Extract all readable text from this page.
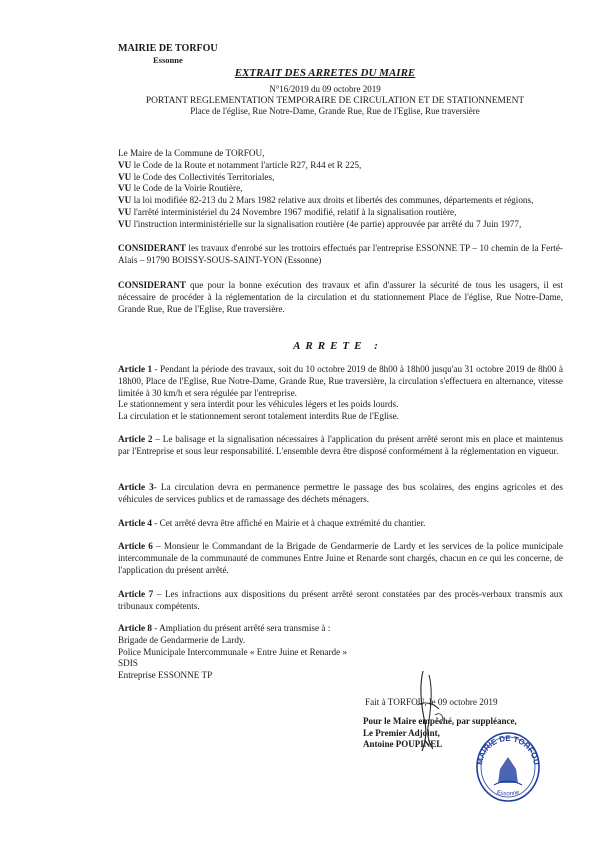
MAIRIE DE TORFOU
Essonne
EXTRAIT DES ARRETES DU MAIRE
N°16/2019 du 09 octobre 2019
PORTANT REGLEMENTATION TEMPORAIRE DE CIRCULATION ET DE STATIONNEMENT
Place de l'église, Rue Notre-Dame, Grande Rue, Rue de l'Eglise, Rue traversière
Le Maire de la Commune de TORFOU,
VU le Code de la Route et notamment l'article R27, R44 et R 225,
VU le Code des Collectivités Territoriales,
VU le Code de la Voirie Routière,
VU la loi modifiée 82-213 du 2 Mars 1982 relative aux droits et libertés des communes, départements et régions,
VU l'arrêté interministériel du 24 Novembre 1967 modifié, relatif à la signalisation routière,
VU l'instruction interministérielle sur la signalisation routière (4e partie) approuvée par arrêté du 7 Juin 1977,
CONSIDERANT les travaux d'enrobé sur les trottoirs effectués par l'entreprise ESSONNE TP – 10 chemin de la Ferté-Alais – 91790 BOISSY-SOUS-SAINT-YON (Essonne)
CONSIDERANT que pour la bonne exécution des travaux et afin d'assurer la sécurité de tous les usagers, il est nécessaire de procéder à la réglementation de la circulation et du stationnement Place de l'église, Rue Notre-Dame, Grande Rue, Rue de l'Eglise, Rue traversière.
ARRETE :
Article 1 - Pendant la période des travaux, soit du 10 octobre 2019 de 8h00 à 18h00 jusqu'au 31 octobre 2019 de 8h00 à 18h00, Place de l'Eglise, Rue Notre-Dame, Grande Rue, Rue traversière, la circulation s'effectuera en alternance, vitesse limitée à 30 km/h et sera régulée par l'entreprise.
Le stationnement y sera interdit pour les véhicules légers et les poids lourds.
La circulation et le stationnement seront totalement interdits Rue de l'Eglise.
Article 2 – Le balisage et la signalisation nécessaires à l'application du présent arrêté seront mis en place et maintenus par l'Entreprise et sous leur responsabilité. L'ensemble devra être disposé conformément à la réglementation en vigueur.
Article 3- La circulation devra en permanence permettre le passage des bus scolaires, des engins agricoles et des véhicules de services publics et de ramassage des déchets ménagers.
Article 4 - Cet arrêté devra être affiché en Mairie et à chaque extrémité du chantier.
Article 6 – Monsieur le Commandant de la Brigade de Gendarmerie de Lardy et les services de la police municipale intercommunale de la communauté de communes Entre Juine et Renarde sont chargés, chacun en ce qui les concerne, de l'application du présent arrêté.
Article 7 – Les infractions aux dispositions du présent arrêté seront constatées par des procès-verbaux transmis aux tribunaux compétents.
Article 8 - Ampliation du présent arrêté sera transmise à :
Brigade de Gendarmerie de Lardy.
Police Municipale Intercommunale « Entre Juine et Renarde »
SDIS
Entreprise ESSONNE TP
Fait à TORFOU, le 09 octobre 2019
Pour le Maire empêché, par suppléance,
Le Premier Adjoint,
Antoine POUPINEL
MAIRIE DE TORFOU
Essonne
